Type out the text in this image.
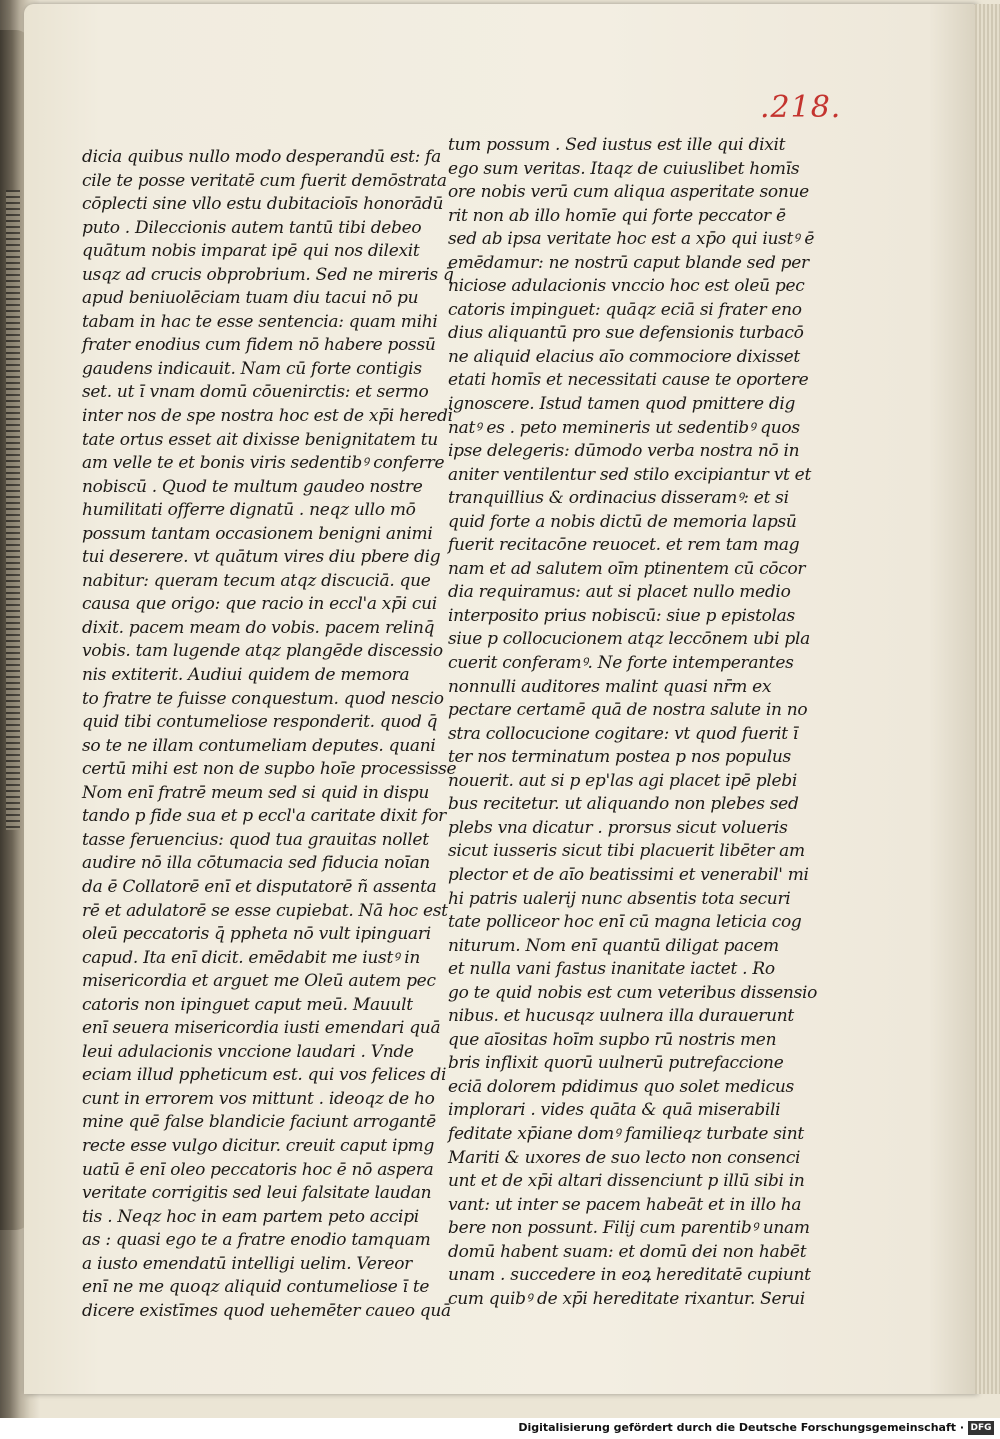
.218.
dicia quibus nullo modo desperandū est: fa
cile te posse veritatē cum fuerit demōstrata
cōplecti sine vllo estu dubitacioīs honorādū
puto . Dileccionis autem tantū tibi debeo
quātum nobis imparat ipē qui nos dilexit
usqz ad crucis obprobrium. Sed ne mireris q̄
apud beniuolēciam tuam diu tacui nō pu
tabam in hac te esse sentencia: quam mihi
frater enodius cum fidem nō habere possū
gaudens indicauit. Nam cū forte contigis
set. ut ī vnam domū cōuenirctis: et sermo
inter nos de spe nostra hoc est de xp̄i heredi
tate ortus esset ait dixisse benignitatem tu
am velle te et bonis viris sedentibꝰ conferre
nobiscū . Quod te multum gaudeo nostre
humilitati offerre dignatū . neqz ullo mō
possum tantam occasionem benigni animi
tui deserere. vt quātum vires diu pbere dig
nabitur: queram tecum atqz discuciā. que
causa que origo: que racio in eccl'a xp̄i cui
dixit. pacem meam do vobis. pacem relinq̄
vobis. tam lugende atqz plangēde discessio
nis extiterit. Audiui quidem de memora
to fratre te fuisse conquestum. quod nescio
quid tibi contumeliose responderit. quod q̄
so te ne illam contumeliam deputes. quani
certū mihi est non de supbo hoīe processisse
Nom enī fratrē meum sed si quid in dispu
tando p fide sua et p eccl'a caritate dixit for
tasse feruencius: quod tua grauitas nollet
audire nō illa cōtumacia sed fiducia noīan
da ē Collatorē enī et disputatorē ñ assenta
rē et adulatorē se esse cupiebat. Nā hoc est
oleū peccatoris q̄ ppheta nō vult ipinguari
capud. Ita enī dicit. emēdabit me iustꝰ in
misericordia et arguet me Oleū autem pec
catoris non ipinguet caput meū. Mauult
enī seuera misericordia iusti emendari quā
leui adulacionis vnccione laudari . Vnde
eciam illud ppheticum est. qui vos felices di
cunt in errorem vos mittunt . ideoqz de ho
mine quē false blandicie faciunt arrogantē
recte esse vulgo dicitur. creuit caput ipmg
uatū ē enī oleo peccatoris hoc ē nō aspera
veritate corrigitis sed leui falsitate laudan
tis . Neqz hoc in eam partem peto accipi
as : quasi ego te a fratre enodio tamquam
a iusto emendatū intelligi uelim. Vereor
enī ne me quoqz aliquid contumeliose ī te
dicere existīmes quod uehemēter caueo quā
tum possum . Sed iustus est ille qui dixit
ego sum veritas. Itaqz de cuiuslibet homīs
ore nobis verū cum aliqua asperitate sonue
rit non ab illo homīe qui forte peccator ē
sed ab ipsa veritate hoc est a xp̄o qui iustꝰ ē
emēdamur: ne nostrū caput blande sed per
niciose adulacionis vnccio hoc est oleū pec
catoris impinguet: quāqz eciā si frater eno
dius aliquantū pro sue defensionis turbacō
ne aliquid elacius aīo commociore dixisset
etati homīs et necessitati cause te oportere
ignoscere. Istud tamen quod pmittere dig
natꝰ es . peto memineris ut sedentibꝰ quos
ipse delegeris: dūmodo verba nostra nō in
aniter ventilentur sed stilo excipiantur vt et
tranquillius & ordinacius disseramꝰ: et si
quid forte a nobis dictū de memoria lapsū
fuerit recitacōne reuocet. et rem tam mag
nam et ad salutem oīm ptinentem cū cōcor
dia requiramus: aut si placet nullo medio
interposito prius nobiscū: siue p epistolas
siue p collocucionem atqz leccōnem ubi pla
cuerit conferamꝰ. Ne forte intemperantes
nonnulli auditores malint quasi nr̄m ex
pectare certamē quā de nostra salute in no
stra collocucione cogitare: vt quod fuerit ī
ter nos terminatum postea p nos populus
nouerit. aut si p ep'las agi placet ipē plebi
bus recitetur. ut aliquando non plebes sed
plebs vna dicatur . prorsus sicut volueris
sicut iusseris sicut tibi placuerit libēter am
plector et de aīo beatissimi et venerabil' mi
hi patris ualerij nunc absentis tota securi
tate polliceor hoc enī cū magna leticia cog
niturum. Nom enī quantū diligat pacem
et nulla vani fastus inanitate iactet . Ro
go te quid nobis est cum veteribus dissensio
nibus. et hucusqz uulnera illa durauerunt
que aīositas hoīm supbo rū nostris men
bris inflixit quorū uulnerū putrefaccione
eciā dolorem pdidimus quo solet medicus
implorari . vides quāta & quā miserabili
feditate xp̄iane domꝰ familieqz turbate sint
Mariti & uxores de suo lecto non consenci
unt et de xp̄i altari dissenciunt p illū sibi in
vant: ut inter se pacem habeāt et in illo ha
bere non possunt. Filij cum parentibꝰ unam
domū habent suam: et domū dei non habēt
unam . succedere in eoꝝ hereditatē cupiunt
cum quibꝰ de xp̄i hereditate rixantur. Serui
Digitalisierung gefördert durch die Deutsche Forschungsgemeinschaft · DFG
